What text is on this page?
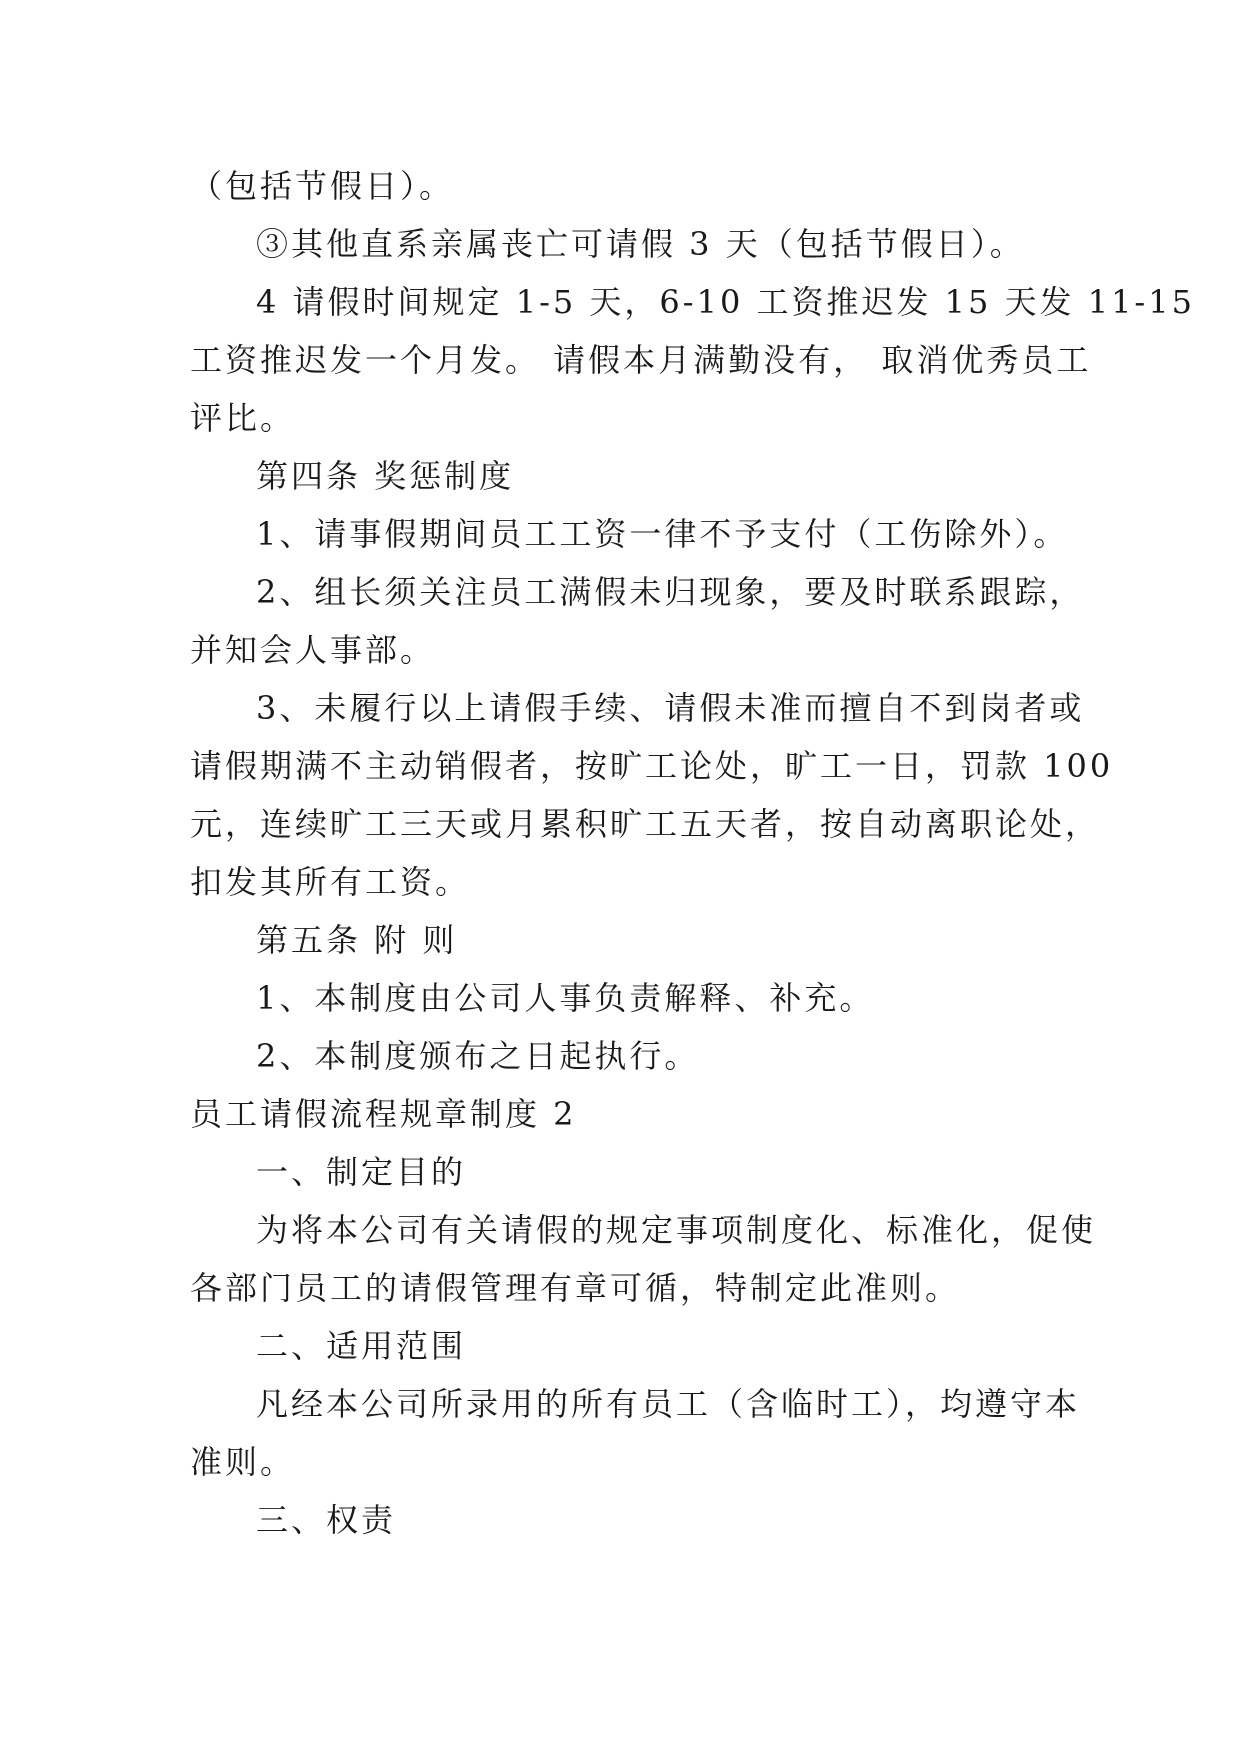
（包括节假日）。
③其他直系亲属丧亡可请假 3 天（包括节假日）。
4 请假时间规定 1-5 天，6-10 工资推迟发 15 天发 11-15
工资推迟发一个月发。 请假本月满勤没有， 取消优秀员工
评比。
第四条 奖惩制度
1、请事假期间员工工资一律不予支付（工伤除外）。
2、组长须关注员工满假未归现象，要及时联系跟踪，
并知会人事部。
3、未履行以上请假手续、请假未准而擅自不到岗者或
请假期满不主动销假者，按旷工论处，旷工一日，罚款 100
元，连续旷工三天或月累积旷工五天者，按自动离职论处，
扣发其所有工资。
第五条 附 则
1、本制度由公司人事负责解释、补充。
2、本制度颁布之日起执行。
员工请假流程规章制度 2
一、制定目的
为将本公司有关请假的规定事项制度化、标准化，促使
各部门员工的请假管理有章可循，特制定此准则。
二、适用范围
凡经本公司所录用的所有员工（含临时工），均遵守本
准则。
三、权责
